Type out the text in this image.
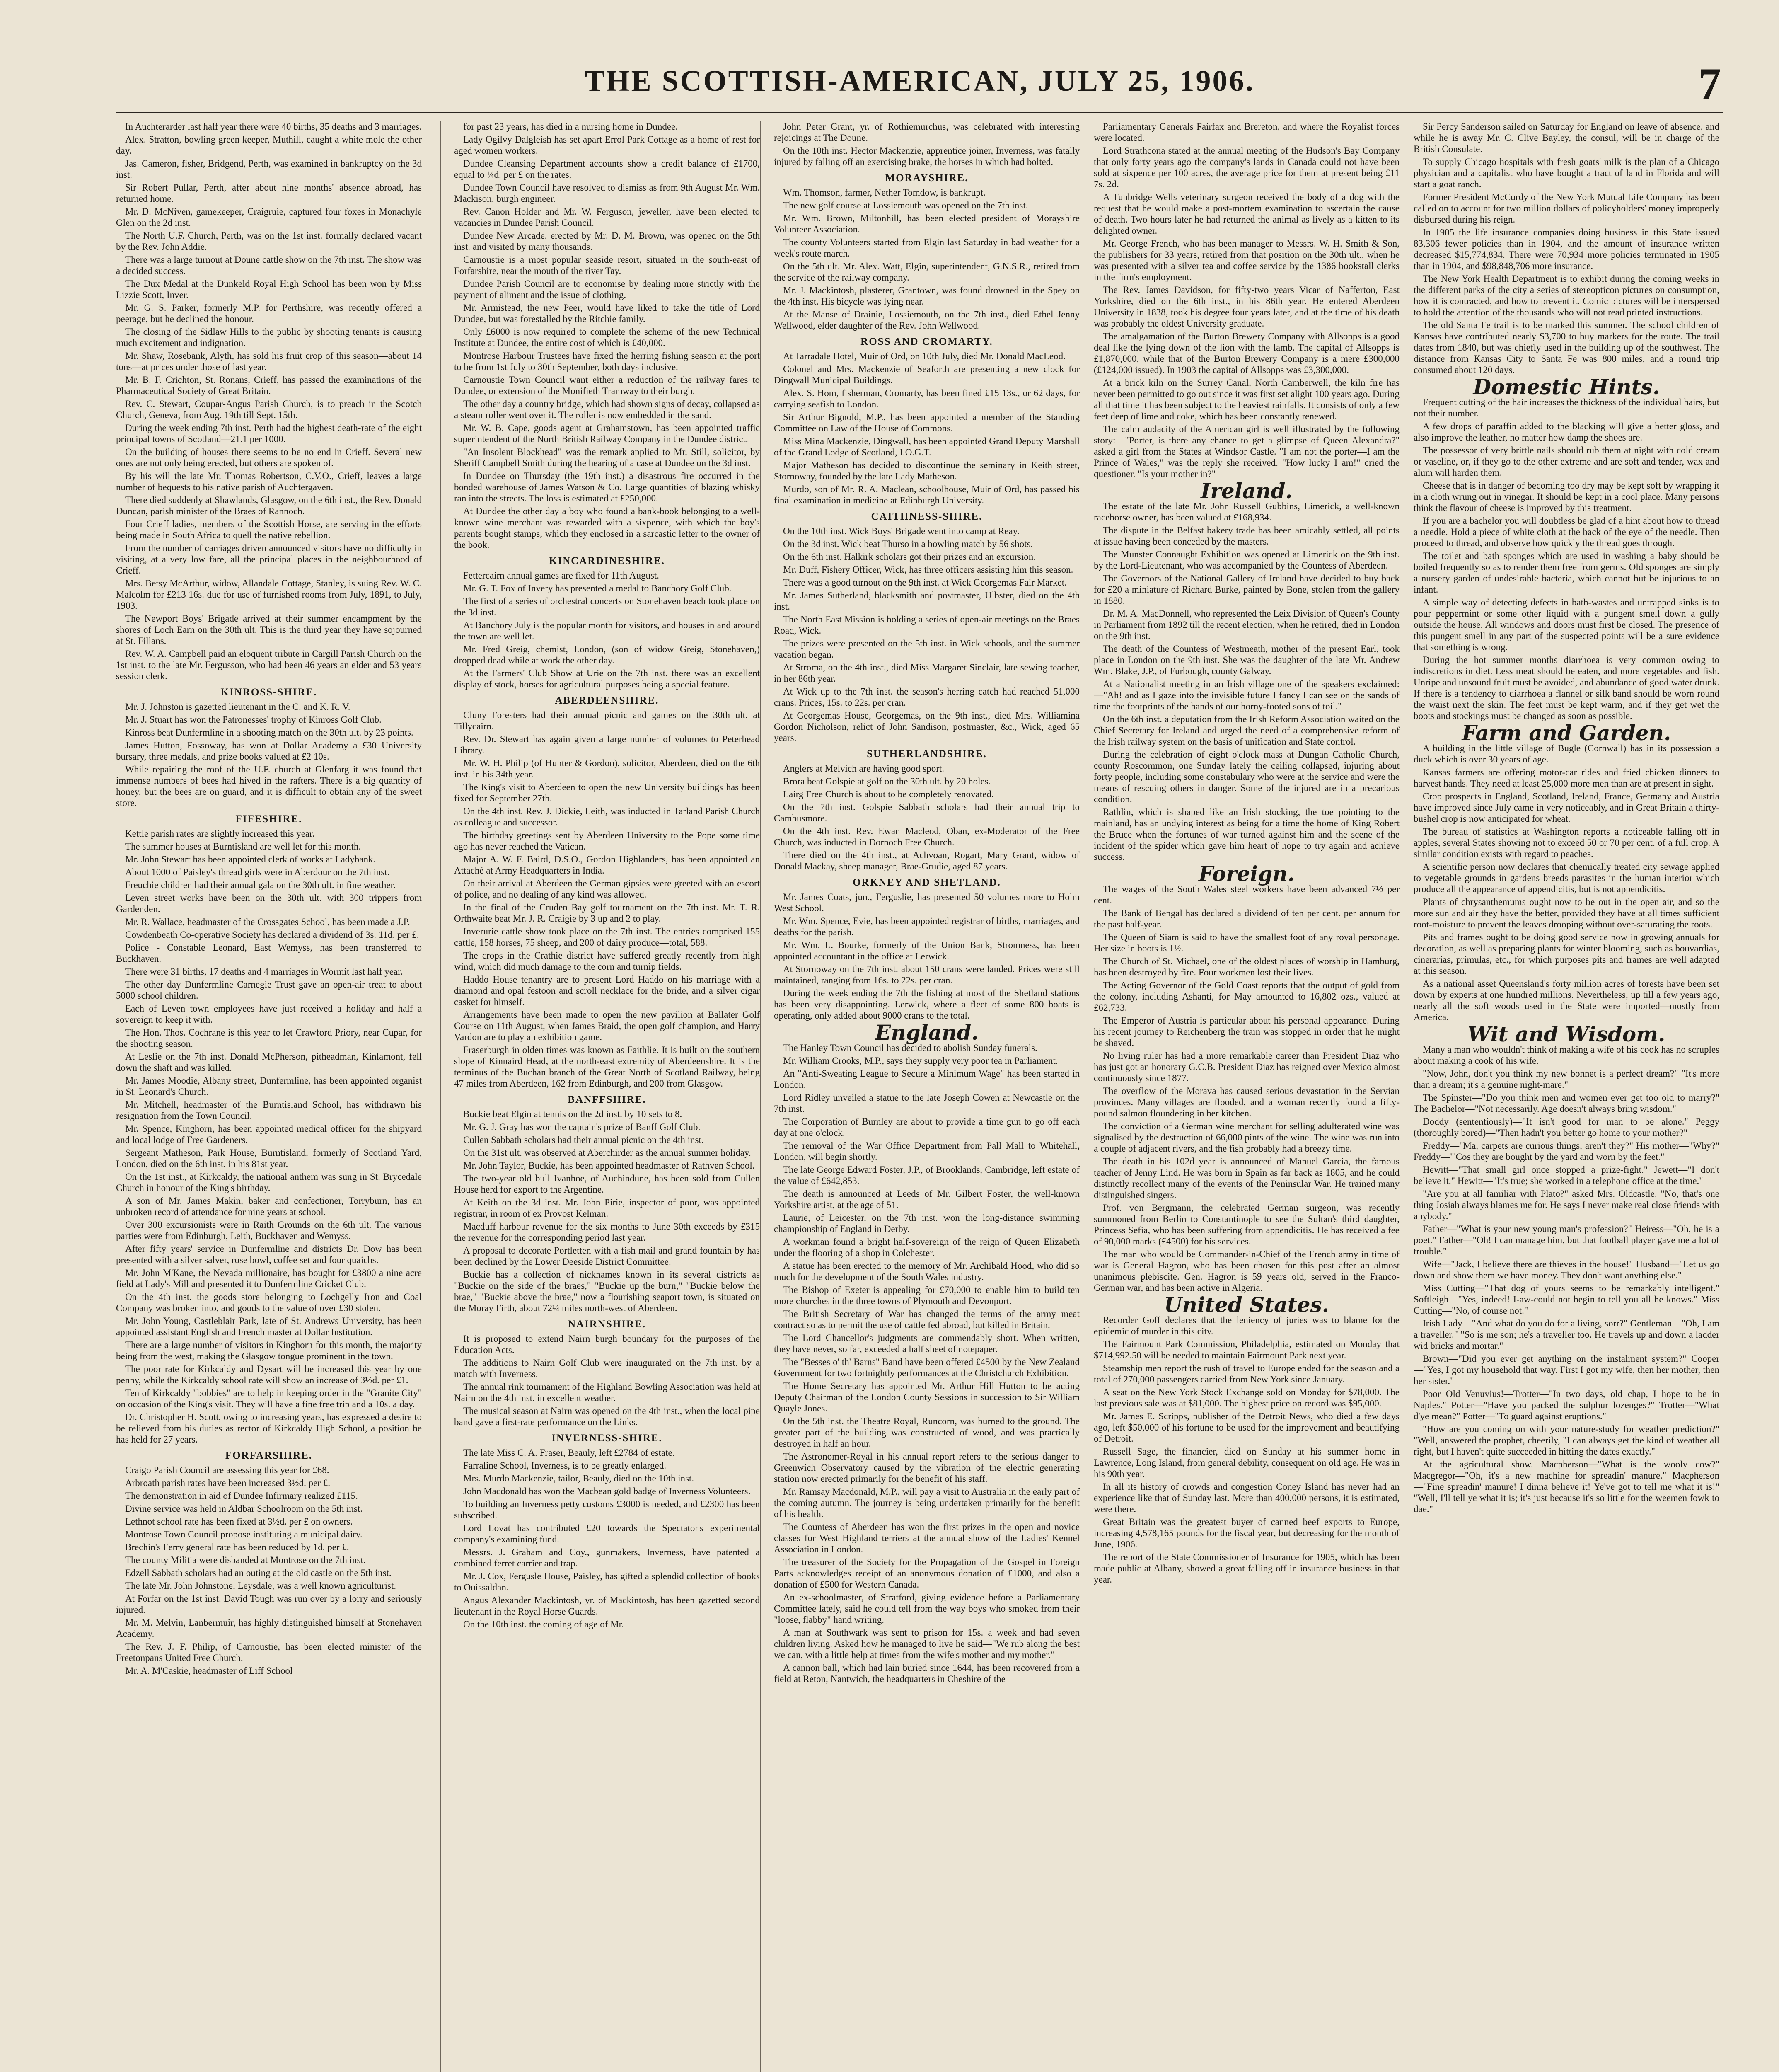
THE SCOTTISH-AMERICAN, JULY 25, 1906.	7

In Auchterarder last half year there were 40 births, 35 deaths and 3 marriages.

Alex. Stratton, bowling green keeper, Muthill, caught a white mole the other day.

Jas. Cameron, fisher, Bridgend, Perth, was examined in bankruptcy on the 3d inst.

Sir Robert Pullar, Perth, after about nine months' absence abroad, has returned home.

Mr. D. McNiven, gamekeeper, Craigruie, captured four foxes in Monachyle Glen on the 2d inst.

The North U.F. Church, Perth, was on the 1st inst. formally declared vacant by the Rev. John Addie.

There was a large turnout at Doune cattle show on the 7th inst. The show was a decided success.

The Dux Medal at the Dunkeld Royal High School has been won by Miss Lizzie Scott, Inver.

Mr. G. S. Parker, formerly M.P. for Perthshire, was recently offered a peerage, but he declined the honour.

The closing of the Sidlaw Hills to the public by shooting tenants is causing much excitement and indignation.

Mr. Shaw, Rosebank, Alyth, has sold his fruit crop of this season—about 14 tons—at prices under those of last year.

Mr. B. F. Crichton, St. Ronans, Crieff, has passed the examinations of the Pharmaceutical Society of Great Britain.

Rev. C. Stewart, Coupar-Angus Parish Church, is to preach in the Scotch Church, Geneva, from Aug. 19th till Sept. 15th.

During the week ending 7th inst. Perth had the highest death-rate of the eight principal towns of Scotland—21.1 per 1000.

On the building of houses there seems to be no end in Crieff. Several new ones are not only being erected, but others are spoken of.

By his will the late Mr. Thomas Robertson, C.V.O., Crieff, leaves a large number of bequests to his native parish of Auchtergaven.

There died suddenly at Shawlands, Glasgow, on the 6th inst., the Rev. Donald Duncan, parish minister of the Braes of Rannoch.

Four Crieff ladies, members of the Scottish Horse, are serving in the efforts being made in South Africa to quell the native rebellion.

From the number of carriages driven announced visitors have no difficulty in visiting, at a very low fare, all the principal places in the neighbourhood of Crieff.

Mrs. Betsy McArthur, widow, Allandale Cottage, Stanley, is suing Rev. W. C. Malcolm for £213 16s. due for use of furnished rooms from July, 1891, to July, 1903.

The Newport Boys' Brigade arrived at their summer encampment by the shores of Loch Earn on the 30th ult. This is the third year they have sojourned at St. Fillans.

Rev. W. A. Campbell paid an eloquent tribute in Cargill Parish Church on the 1st inst. to the late Mr. Fergusson, who had been 46 years an elder and 53 years session clerk.

KINROSS-SHIRE.

Mr. J. Johnston is gazetted lieutenant in the C. and K. R. V.

Mr. J. Stuart has won the Patronesses' trophy of Kinross Golf Club.

Kinross beat Dunfermline in a shooting match on the 30th ult. by 23 points.

James Hutton, Fossoway, has won at Dollar Academy a £30 University bursary, three medals, and prize books valued at £2 10s.

While repairing the roof of the U.F. church at Glenfarg it was found that immense numbers of bees had hived in the rafters. There is a big quantity of honey, but the bees are on guard, and it is difficult to obtain any of the sweet store.

FIFESHIRE.

Kettle parish rates are slightly increased this year.

The summer houses at Burntisland are well let for this month.

Mr. John Stewart has been appointed clerk of works at Ladybank.

About 1000 of Paisley's thread girls were in Aberdour on the 7th inst.

Freuchie children had their annual gala on the 30th ult. in fine weather.

Leven street works have been on the 30th ult. with 300 trippers from Gardenden.

Mr. R. Wallace, headmaster of the Crossgates School, has been made a J.P.

Cowdenbeath Co-operative Society has declared a dividend of 3s. 11d. per £.

Police - Constable Leonard, East Wemyss, has been transferred to Buckhaven.

There were 31 births, 17 deaths and 4 marriages in Wormit last half year.

The other day Dunfermline Carnegie Trust gave an open-air treat to about 5000 school children.

Each of Leven town employees have just received a holiday and half a sovereign to keep it with.

The Hon. Thos. Cochrane is this year to let Crawford Priory, near Cupar, for the shooting season.

At Leslie on the 7th inst. Donald McPherson, pitheadman, Kinlamont, fell down the shaft and was killed.

Mr. James Moodie, Albany street, Dunfermline, has been appointed organist in St. Leonard's Church.

Mr. Mitchell, headmaster of the Burntisland School, has withdrawn his resignation from the Town Council.

Mr. Spence, Kinghorn, has been appointed medical officer for the shipyard and local lodge of Free Gardeners.

Sergeant Matheson, Park House, Burntisland, formerly of Scotland Yard, London, died on the 6th inst. in his 81st year.

On the 1st inst., at Kirkcaldy, the national anthem was sung in St. Brycedale Church in honour of the King's birthday.

A son of Mr. James Makin, baker and confectioner, Torryburn, has an unbroken record of attendance for nine years at school.

Over 300 excursionists were in Raith Grounds on the 6th ult. The various parties were from Edinburgh, Leith, Buckhaven and Wemyss.

After fifty years' service in Dunfermline and districts Dr. Dow has been presented with a silver salver, rose bowl, coffee set and four quaichs.

Mr. John M'Kane, the Nevada millionaire, has bought for £3800 a nine acre field at Lady's Mill and presented it to Dunfermline Cricket Club.

On the 4th inst. the goods store belonging to Lochgelly Iron and Coal Company was broken into, and goods to the value of over £30 stolen.

Mr. John Young, Castleblair Park, late of St. Andrews University, has been appointed assistant English and French master at Dollar Institution.

There are a large number of visitors in Kinghorn for this month, the majority being from the west, making the Glasgow tongue prominent in the town.

The poor rate for Kirkcaldy and Dysart will be increased this year by one penny, while the Kirkcaldy school rate will show an increase of 3½d. per £1.

Ten of Kirkcaldy "bobbies" are to help in keeping order in the "Granite City" on occasion of the King's visit. They will have a fine free trip and a 10s. a day.

Dr. Christopher H. Scott, owing to increasing years, has expressed a desire to be relieved from his duties as rector of Kirkcaldy High School, a position he has held for 27 years.

FORFARSHIRE.

Craigo Parish Council are assessing this year for £68.

Arbroath parish rates have been increased 3½d. per £.

The demonstration in aid of Dundee Infirmary realized £115.

Divine service was held in Aldbar Schoolroom on the 5th inst.

Lethnot school rate has been fixed at 3½d. per £ on owners.

Montrose Town Council propose instituting a municipal dairy.

Brechin's Ferry general rate has been reduced by 1d. per £.

The county Militia were disbanded at Montrose on the 7th inst.

Edzell Sabbath scholars had an outing at the old castle on the 5th inst.

The late Mr. John Johnstone, Leysdale, was a well known agriculturist.

At Forfar on the 1st inst. David Tough was run over by a lorry and seriously injured.

Mr. M. Melvin, Lanbermuir, has highly distinguished himself at Stonehaven Academy.

The Rev. J. F. Philip, of Carnoustie, has been elected minister of the Freetonpans United Free Church.

Mr. A. M'Caskie, headmaster of Liff School

for past 23 years, has died in a nursing home in Dundee.

Lady Ogilvy Dalgleish has set apart Errol Park Cottage as a home of rest for aged women workers.

Dundee Cleansing Department accounts show a credit balance of £1700, equal to ¼d. per £ on the rates.

Dundee Town Council have resolved to dismiss as from 9th August Mr. Wm. Mackison, burgh engineer.

Rev. Canon Holder and Mr. W. Ferguson, jeweller, have been elected to vacancies in Dundee Parish Council.

Dundee New Arcade, erected by Mr. D. M. Brown, was opened on the 5th inst. and visited by many thousands.

Carnoustie is a most popular seaside resort, situated in the south-east of Forfarshire, near the mouth of the river Tay.

Dundee Parish Council are to economise by dealing more strictly with the payment of aliment and the issue of clothing.

Mr. Armistead, the new Peer, would have liked to take the title of Lord Dundee, but was forestalled by the Ritchie family.

Only £6000 is now required to complete the scheme of the new Technical Institute at Dundee, the entire cost of which is £40,000.

Montrose Harbour Trustees have fixed the herring fishing season at the port to be from 1st July to 30th September, both days inclusive.

Carnoustie Town Council want either a reduction of the railway fares to Dundee, or extension of the Monifieth Tramway to their burgh.

The other day a country bridge, which had shown signs of decay, collapsed as a steam roller went over it. The roller is now embedded in the sand.

Mr. W. B. Cape, goods agent at Grahamstown, has been appointed traffic superintendent of the North British Railway Company in the Dundee district.

"An Insolent Blockhead" was the remark applied to Mr. Still, solicitor, by Sheriff Campbell Smith during the hearing of a case at Dundee on the 3d inst.

In Dundee on Thursday (the 19th inst.) a disastrous fire occurred in the bonded warehouse of James Watson & Co. Large quantities of blazing whisky ran into the streets. The loss is estimated at £250,000.

At Dundee the other day a boy who found a bank-book belonging to a well-known wine merchant was rewarded with a sixpence, with which the boy's parents bought stamps, which they enclosed in a sarcastic letter to the owner of the book.

KINCARDINESHIRE.

Fettercairn annual games are fixed for 11th August.

Mr. G. T. Fox of Invery has presented a medal to Banchory Golf Club.

The first of a series of orchestral concerts on Stonehaven beach took place on the 3d inst.

At Banchory July is the popular month for visitors, and houses in and around the town are well let.

Mr. Fred Greig, chemist, London, (son of widow Greig, Stonehaven,) dropped dead while at work the other day.

At the Farmers' Club Show at Urie on the 7th inst. there was an excellent display of stock, horses for agricultural purposes being a special feature.

ABERDEENSHIRE.

Cluny Foresters had their annual picnic and games on the 30th ult. at Tillycairn.

Rev. Dr. Stewart has again given a large number of volumes to Peterhead Library.

Mr. W. H. Philip (of Hunter & Gordon), solicitor, Aberdeen, died on the 6th inst. in his 34th year.

The King's visit to Aberdeen to open the new University buildings has been fixed for September 27th.

On the 4th inst. Rev. J. Dickie, Leith, was inducted in Tarland Parish Church as colleague and successor.

The birthday greetings sent by Aberdeen University to the Pope some time ago has never reached the Vatican.

Major A. W. F. Baird, D.S.O., Gordon Highlanders, has been appointed an Attaché at Army Headquarters in India.

On their arrival at Aberdeen the German gipsies were greeted with an escort of police, and no dealing of any kind was allowed.

In the final of the Cruden Bay golf tournament on the 7th inst. Mr. T. R. Orthwaite beat Mr. J. R. Craigie by 3 up and 2 to play.

Inverurie cattle show took place on the 7th inst. The entries comprised 155 cattle, 158 horses, 75 sheep, and 200 of dairy produce—total, 588.

The crops in the Crathie district have suffered greatly recently from high wind, which did much damage to the corn and turnip fields.

Haddo House tenantry are to present Lord Haddo on his marriage with a diamond and opal festoon and scroll necklace for the bride, and a silver cigar casket for himself.

Arrangements have been made to open the new pavilion at Ballater Golf Course on 11th August, when James Braid, the open golf champion, and Harry Vardon are to play an exhibition game.

Fraserburgh in olden times was known as Faithlie. It is built on the southern slope of Kinnaird Head, at the north-east extremity of Aberdeenshire. It is the terminus of the Buchan branch of the Great North of Scotland Railway, being 47 miles from Aberdeen, 162 from Edinburgh, and 200 from Glasgow.

BANFFSHIRE.

Buckie beat Elgin at tennis on the 2d inst. by 10 sets to 8.

Mr. G. J. Gray has won the captain's prize of Banff Golf Club.

Cullen Sabbath scholars had their annual picnic on the 4th inst.

On the 31st ult. was observed at Aberchirder as the annual summer holiday.

Mr. John Taylor, Buckie, has been appointed headmaster of Rathven School.

The two-year old bull Ivanhoe, of Auchindune, has been sold from Cullen House herd for export to the Argentine.

At Keith on the 3d inst. Mr. John Pirie, inspector of poor, was appointed registrar, in room of ex Provost Kelman.

Macduff harbour revenue for the six months to June 30th exceeds by £315 the revenue for the corresponding period last year.

A proposal to decorate Portletten with a fish mail and grand fountain by has been declined by the Lower Deeside District Committee.

Buckie has a collection of nicknames known in its several districts as "Buckie on the side of the braes," "Buckie up the burn," "Buckie below the brae," "Buckie above the brae," now a flourishing seaport town, is situated on the Moray Firth, about 72¼ miles north-west of Aberdeen.

NAIRNSHIRE.

It is proposed to extend Nairn burgh boundary for the purposes of the Education Acts.

The additions to Nairn Golf Club were inaugurated on the 7th inst. by a match with Inverness.

The annual rink tournament of the Highland Bowling Association was held at Nairn on the 4th inst. in excellent weather.

The musical season at Nairn was opened on the 4th inst., when the local pipe band gave a first-rate performance on the Links.

INVERNESS-SHIRE.

The late Miss C. A. Fraser, Beauly, left £2784 of estate.

Farraline School, Inverness, is to be greatly enlarged.

Mrs. Murdo Mackenzie, tailor, Beauly, died on the 10th inst.

John Macdonald has won the Macbean gold badge of Inverness Volunteers.

To building an Inverness petty customs £3000 is needed, and £2300 has been subscribed.

Lord Lovat has contributed £20 towards the Spectator's experimental company's examining fund.

Messrs. J. Graham and Coy., gunmakers, Inverness, have patented a combined ferret carrier and trap.

Mr. J. Cox, Fergusle House, Paisley, has gifted a splendid collection of books to Ouissaldan.

Angus Alexander Mackintosh, yr. of Mackintosh, has been gazetted second lieutenant in the Royal Horse Guards.

On the 10th inst. the coming of age of Mr.

John Peter Grant, yr. of Rothiemurchus, was celebrated with interesting rejoicings at The Doune.

On the 10th inst. Hector Mackenzie, apprentice joiner, Inverness, was fatally injured by falling off an exercising brake, the horses in which had bolted.

MORAYSHIRE.

Wm. Thomson, farmer, Nether Tomdow, is bankrupt.

The new golf course at Lossiemouth was opened on the 7th inst.

Mr. Wm. Brown, Miltonhill, has been elected president of Morayshire Volunteer Association.

The county Volunteers started from Elgin last Saturday in bad weather for a week's route march.

On the 5th ult. Mr. Alex. Watt, Elgin, superintendent, G.N.S.R., retired from the service of the railway company.

Mr. J. Mackintosh, plasterer, Grantown, was found drowned in the Spey on the 4th inst. His bicycle was lying near.

At the Manse of Drainie, Lossiemouth, on the 7th inst., died Ethel Jenny Wellwood, elder daughter of the Rev. John Wellwood.

ROSS AND CROMARTY.

At Tarradale Hotel, Muir of Ord, on 10th July, died Mr. Donald MacLeod.

Colonel and Mrs. Mackenzie of Seaforth are presenting a new clock for Dingwall Municipal Buildings.

Alex. S. Hom, fisherman, Cromarty, has been fined £15 13s., or 62 days, for carrying seafish to London.

Sir Arthur Bignold, M.P., has been appointed a member of the Standing Committee on Law of the House of Commons.

Miss Mina Mackenzie, Dingwall, has been appointed Grand Deputy Marshall of the Grand Lodge of Scotland, I.O.G.T.

Major Matheson has decided to discontinue the seminary in Keith street, Stornoway, founded by the late Lady Matheson.

Murdo, son of Mr. R. A. Maclean, schoolhouse, Muir of Ord, has passed his final examination in medicine at Edinburgh University.

CAITHNESS-SHIRE.

On the 10th inst. Wick Boys' Brigade went into camp at Reay.

On the 3d inst. Wick beat Thurso in a bowling match by 56 shots.

On the 6th inst. Halkirk scholars got their prizes and an excursion.

Mr. Duff, Fishery Officer, Wick, has three officers assisting him this season.

There was a good turnout on the 9th inst. at Wick Georgemas Fair Market.

Mr. James Sutherland, blacksmith and postmaster, Ulbster, died on the 4th inst.

The North East Mission is holding a series of open-air meetings on the Braes Road, Wick.

The prizes were presented on the 5th inst. in Wick schools, and the summer vacation began.

At Stroma, on the 4th inst., died Miss Margaret Sinclair, late sewing teacher, in her 86th year.

At Wick up to the 7th inst. the season's herring catch had reached 51,000 crans. Prices, 15s. to 22s. per cran.

At Georgemas House, Georgemas, on the 9th inst., died Mrs. Williamina Gordon Nicholson, relict of John Sandison, postmaster, &c., Wick, aged 65 years.

SUTHERLANDSHIRE.

Anglers at Melvich are having good sport.

Brora beat Golspie at golf on the 30th ult. by 20 holes.

Lairg Free Church is about to be completely renovated.

On the 7th inst. Golspie Sabbath scholars had their annual trip to Cambusmore.

On the 4th inst. Rev. Ewan Macleod, Oban, ex-Moderator of the Free Church, was inducted in Dornoch Free Church.

There died on the 4th inst., at Achvoan, Rogart, Mary Grant, widow of Donald Mackay, sheep manager, Brae-Grudie, aged 87 years.

ORKNEY AND SHETLAND.

Mr. James Coats, jun., Ferguslie, has presented 50 volumes more to Holm West School.

Mr. Wm. Spence, Evie, has been appointed registrar of births, marriages, and deaths for the parish.

Mr. Wm. L. Bourke, formerly of the Union Bank, Stromness, has been appointed accountant in the office at Lerwick.

At Stornoway on the 7th inst. about 150 crans were landed. Prices were still maintained, ranging from 16s. to 22s. per cran.

During the week ending the 7th the fishing at most of the Shetland stations has been very disappointing. Lerwick, where a fleet of some 800 boats is operating, only added about 9000 crans to the total.

England.

The Hanley Town Council has decided to abolish Sunday funerals.

Mr. William Crooks, M.P., says they supply very poor tea in Parliament.

An "Anti-Sweating League to Secure a Minimum Wage" has been started in London.

Lord Ridley unveiled a statue to the late Joseph Cowen at Newcastle on the 7th inst.

The Corporation of Burnley are about to provide a time gun to go off each day at one o'clock.

The removal of the War Office Department from Pall Mall to Whitehall, London, will begin shortly.

The late George Edward Foster, J.P., of Brooklands, Cambridge, left estate of the value of £642,853.

The death is announced at Leeds of Mr. Gilbert Foster, the well-known Yorkshire artist, at the age of 51.

Laurie, of Leicester, on the 7th inst. won the long-distance swimming championship of England in Derby.

A workman found a bright half-sovereign of the reign of Queen Elizabeth under the flooring of a shop in Colchester.

A statue has been erected to the memory of Mr. Archibald Hood, who did so much for the development of the South Wales industry.

The Bishop of Exeter is appealing for £70,000 to enable him to build ten more churches in the three towns of Plymouth and Devonport.

The British Secretary of War has changed the terms of the army meat contract so as to permit the use of cattle fed abroad, but killed in Britain.

The Lord Chancellor's judgments are commendably short. When written, they have never, so far, exceeded a half sheet of notepaper.

The "Besses o' th' Barns" Band have been offered £4500 by the New Zealand Government for two fortnightly performances at the Christchurch Exhibition.

The Home Secretary has appointed Mr. Arthur Hill Hutton to be acting Deputy Chairman of the London County Sessions in succession to Sir William Quayle Jones.

On the 5th inst. the Theatre Royal, Runcorn, was burned to the ground. The greater part of the building was constructed of wood, and was practically destroyed in half an hour.

The Astronomer-Royal in his annual report refers to the serious danger to Greenwich Observatory caused by the vibration of the electric generating station now erected primarily for the benefit of his staff.

Mr. Ramsay Macdonald, M.P., will pay a visit to Australia in the early part of the coming autumn. The journey is being undertaken primarily for the benefit of his health.

The Countess of Aberdeen has won the first prizes in the open and novice classes for West Highland terriers at the annual show of the Ladies' Kennel Association in London.

The treasurer of the Society for the Propagation of the Gospel in Foreign Parts acknowledges receipt of an anonymous donation of £1000, and also a donation of £500 for Western Canada.

An ex-schoolmaster, of Stratford, giving evidence before a Parliamentary Committee lately, said he could tell from the way boys who smoked from their "loose, flabby" hand writing.

A man at Southwark was sent to prison for 15s. a week and had seven children living. Asked how he managed to live he said—"We rub along the best we can, with a little help at times from the wife's mother and my mother."

A cannon ball, which had lain buried since 1644, has been recovered from a field at Reton, Nantwich, the headquarters in Cheshire of the

Parliamentary Generals Fairfax and Brereton, and where the Royalist forces were located.

Lord Strathcona stated at the annual meeting of the Hudson's Bay Company that only forty years ago the company's lands in Canada could not have been sold at sixpence per 100 acres, the average price for them at present being £11 7s. 2d.

A Tunbridge Wells veterinary surgeon received the body of a dog with the request that he would make a post-mortem examination to ascertain the cause of death. Two hours later he had returned the animal as lively as a kitten to its delighted owner.

Mr. George French, who has been manager to Messrs. W. H. Smith & Son, the publishers for 33 years, retired from that position on the 30th ult., when he was presented with a silver tea and coffee service by the 1386 bookstall clerks in the firm's employment.

The Rev. James Davidson, for fifty-two years Vicar of Nafferton, East Yorkshire, died on the 6th inst., in his 86th year. He entered Aberdeen University in 1838, took his degree four years later, and at the time of his death was probably the oldest University graduate.

The amalgamation of the Burton Brewery Company with Allsopps is a good deal like the lying down of the lion with the lamb. The capital of Allsopps is £1,870,000, while that of the Burton Brewery Company is a mere £300,000 (£124,000 issued). In 1903 the capital of Allsopps was £3,300,000.

At a brick kiln on the Surrey Canal, North Camberwell, the kiln fire has never been permitted to go out since it was first set alight 100 years ago. During all that time it has been subject to the heaviest rainfalls. It consists of only a few feet deep of lime and coke, which has been constantly renewed.

The calm audacity of the American girl is well illustrated by the following story:—"Porter, is there any chance to get a glimpse of Queen Alexandra?" asked a girl from the States at Windsor Castle. "I am not the porter—I am the Prince of Wales," was the reply she received. "How lucky I am!" cried the questioner. "Is your mother in?"

Ireland.

The estate of the late Mr. John Russell Gubbins, Limerick, a well-known racehorse owner, has been valued at £168,934.

The dispute in the Belfast bakery trade has been amicably settled, all points at issue having been conceded by the masters.

The Munster Connaught Exhibition was opened at Limerick on the 9th inst. by the Lord-Lieutenant, who was accompanied by the Countess of Aberdeen.

The Governors of the National Gallery of Ireland have decided to buy back for £20 a miniature of Richard Burke, painted by Bone, stolen from the gallery in 1880.

Dr. M. A. MacDonnell, who represented the Leix Division of Queen's County in Parliament from 1892 till the recent election, when he retired, died in London on the 9th inst.

The death of the Countess of Westmeath, mother of the present Earl, took place in London on the 9th inst. She was the daughter of the late Mr. Andrew Wm. Blake, J.P., of Furbough, county Galway.

At a Nationalist meeting in an Irish village one of the speakers exclaimed:—"Ah! and as I gaze into the invisible future I fancy I can see on the sands of time the footprints of the hands of our horny-footed sons of toil."

On the 6th inst. a deputation from the Irish Reform Association waited on the Chief Secretary for Ireland and urged the need of a comprehensive reform of the Irish railway system on the basis of unification and State control.

During the celebration of eight o'clock mass at Dungan Catholic Church, county Roscommon, one Sunday lately the ceiling collapsed, injuring about forty people, including some constabulary who were at the service and were the means of rescuing others in danger. Some of the injured are in a precarious condition.

Rathlin, which is shaped like an Irish stocking, the toe pointing to the mainland, has an undying interest as being for a time the home of King Robert the Bruce when the fortunes of war turned against him and the scene of the incident of the spider which gave him heart of hope to try again and achieve success.

Foreign.

The wages of the South Wales steel workers have been advanced 7½ per cent.

The Bank of Bengal has declared a dividend of ten per cent. per annum for the past half-year.

The Queen of Siam is said to have the smallest foot of any royal personage. Her size in boots is 1½.

The Church of St. Michael, one of the oldest places of worship in Hamburg, has been destroyed by fire. Four workmen lost their lives.

The Acting Governor of the Gold Coast reports that the output of gold from the colony, including Ashanti, for May amounted to 16,802 ozs., valued at £62,733.

The Emperor of Austria is particular about his personal appearance. During his recent journey to Reichenberg the train was stopped in order that he might be shaved.

No living ruler has had a more remarkable career than President Diaz who has just got an honorary G.C.B. President Diaz has reigned over Mexico almost continuously since 1877.

The overflow of the Morava has caused serious devastation in the Servian provinces. Many villages are flooded, and a woman recently found a fifty-pound salmon floundering in her kitchen.

The conviction of a German wine merchant for selling adulterated wine was signalised by the destruction of 66,000 pints of the wine. The wine was run into a couple of adjacent rivers, and the fish probably had a breezy time.

The death in his 102d year is announced of Manuel Garcia, the famous teacher of Jenny Lind. He was born in Spain as far back as 1805, and he could distinctly recollect many of the events of the Peninsular War. He trained many distinguished singers.

Prof. von Bergmann, the celebrated German surgeon, was recently summoned from Berlin to Constantinople to see the Sultan's third daughter, Princess Sefia, who has been suffering from appendicitis. He has received a fee of 90,000 marks (£4500) for his services.

The man who would be Commander-in-Chief of the French army in time of war is General Hagron, who has been chosen for this post after an almost unanimous plebiscite. Gen. Hagron is 59 years old, served in the Franco-German war, and has been active in Algeria.

United States.

Recorder Goff declares that the leniency of juries was to blame for the epidemic of murder in this city.

The Fairmount Park Commission, Philadelphia, estimated on Monday that $714,992.50 will be needed to maintain Fairmount Park next year.

Steamship men report the rush of travel to Europe ended for the season and a total of 270,000 passengers carried from New York since January.

A seat on the New York Stock Exchange sold on Monday for $78,000. The last previous sale was at $81,000. The highest price on record was $95,000.

Mr. James E. Scripps, publisher of the Detroit News, who died a few days ago, left $50,000 of his fortune to be used for the improvement and beautifying of Detroit.

Russell Sage, the financier, died on Sunday at his summer home in Lawrence, Long Island, from general debility, consequent on old age. He was in his 90th year.

In all its history of crowds and congestion Coney Island has never had an experience like that of Sunday last. More than 400,000 persons, it is estimated, were there.

Great Britain was the greatest buyer of canned beef exports to Europe, increasing 4,578,165 pounds for the fiscal year, but decreasing for the month of June, 1906.

The report of the State Commissioner of Insurance for 1905, which has been made public at Albany, showed a great falling off in insurance business in that year.

Sir Percy Sanderson sailed on Saturday for England on leave of absence, and while he is away Mr. C. Clive Bayley, the consul, will be in charge of the British Consulate.

To supply Chicago hospitals with fresh goats' milk is the plan of a Chicago physician and a capitalist who have bought a tract of land in Florida and will start a goat ranch.

Former President McCurdy of the New York Mutual Life Company has been called on to account for two million dollars of policyholders' money improperly disbursed during his reign.

In 1905 the life insurance companies doing business in this State issued 83,306 fewer policies than in 1904, and the amount of insurance written decreased $15,774,834. There were 70,934 more policies terminated in 1905 than in 1904, and $98,848,706 more insurance.

The New York Health Department is to exhibit during the coming weeks in the different parks of the city a series of stereopticon pictures on consumption, how it is contracted, and how to prevent it. Comic pictures will be interspersed to hold the attention of the thousands who will not read printed instructions.

The old Santa Fe trail is to be marked this summer. The school children of Kansas have contributed nearly $3,700 to buy markers for the route. The trail dates from 1840, but was chiefly used in the building up of the southwest. The distance from Kansas City to Santa Fe was 800 miles, and a round trip consumed about 120 days.

Domestic Hints.

Frequent cutting of the hair increases the thickness of the individual hairs, but not their number.

A few drops of paraffin added to the blacking will give a better gloss, and also improve the leather, no matter how damp the shoes are.

The possessor of very brittle nails should rub them at night with cold cream or vaseline, or, if they go to the other extreme and are soft and tender, wax and alum will harden them.

Cheese that is in danger of becoming too dry may be kept soft by wrapping it in a cloth wrung out in vinegar. It should be kept in a cool place. Many persons think the flavour of cheese is improved by this treatment.

If you are a bachelor you will doubtless be glad of a hint about how to thread a needle. Hold a piece of white cloth at the back of the eye of the needle. Then proceed to thread, and observe how quickly the thread goes through.

The toilet and bath sponges which are used in washing a baby should be boiled frequently so as to render them free from germs. Old sponges are simply a nursery garden of undesirable bacteria, which cannot but be injurious to an infant.

A simple way of detecting defects in bath-wastes and untrapped sinks is to pour peppermint or some other liquid with a pungent smell down a gully outside the house. All windows and doors must first be closed. The presence of this pungent smell in any part of the suspected points will be a sure evidence that something is wrong.

During the hot summer months diarrhoea is very common owing to indiscretions in diet. Less meat should be eaten, and more vegetables and fish. Unripe and unsound fruit must be avoided, and abundance of good water drunk. If there is a tendency to diarrhoea a flannel or silk band should be worn round the waist next the skin. The feet must be kept warm, and if they get wet the boots and stockings must be changed as soon as possible.

Farm and Garden.

A building in the little village of Bugle (Cornwall) has in its possession a duck which is over 30 years of age.

Kansas farmers are offering motor-car rides and fried chicken dinners to harvest hands. They need at least 25,000 more men than are at present in sight.

Crop prospects in England, Scotland, Ireland, France, Germany and Austria have improved since July came in very noticeably, and in Great Britain a thirty-bushel crop is now anticipated for wheat.

The bureau of statistics at Washington reports a noticeable falling off in apples, several States showing not to exceed 50 or 70 per cent. of a full crop. A similar condition exists with regard to peaches.

A scientific person now declares that chemically treated city sewage applied to vegetable grounds in gardens breeds parasites in the human interior which produce all the appearance of appendicitis, but is not appendicitis.

Plants of chrysanthemums ought now to be out in the open air, and so the more sun and air they have the better, provided they have at all times sufficient root-moisture to prevent the leaves drooping without over-saturating the roots.

Pits and frames ought to be doing good service now in growing annuals for decoration, as well as preparing plants for winter blooming, such as bouvardias, cinerarias, primulas, etc., for which purposes pits and frames are well adapted at this season.

As a national asset Queensland's forty million acres of forests have been set down by experts at one hundred millions. Nevertheless, up till a few years ago, nearly all the soft woods used in the State were imported—mostly from America.

Wit and Wisdom.

Many a man who wouldn't think of making a wife of his cook has no scruples about making a cook of his wife.

"Now, John, don't you think my new bonnet is a perfect dream?" "It's more than a dream; it's a genuine night-mare."

The Spinster—"Do you think men and women ever get too old to marry?" The Bachelor—"Not necessarily. Age doesn't always bring wisdom."

Doddy (sententiously)—"It isn't good for man to be alone." Peggy (thoroughly bored)—"Then hadn't you better go home to your mother?"

Freddy—"Ma, carpets are curious things, aren't they?" His mother—"Why?" Freddy—"'Cos they are bought by the yard and worn by the feet."

Hewitt—"That small girl once stopped a prize-fight." Jewett—"I don't believe it." Hewitt—"It's true; she worked in a telephone office at the time."

"Are you at all familiar with Plato?" asked Mrs. Oldcastle. "No, that's one thing Josiah always blames me for. He says I never make real close friends with anybody."

Father—"What is your new young man's profession?" Heiress—"Oh, he is a poet." Father—"Oh! I can manage him, but that football player gave me a lot of trouble."

Wife—"Jack, I believe there are thieves in the house!" Husband—"Let us go down and show them we have money. They don't want anything else."

Miss Cutting—"That dog of yours seems to be remarkably intelligent." Softleigh—"Yes, indeed! I-aw-could not begin to tell you all he knows." Miss Cutting—"No, of course not."

Irish Lady—"And what do you do for a living, sorr?" Gentleman—"Oh, I am a traveller." "So is me son; he's a traveller too. He travels up and down a ladder wid bricks and mortar."

Brown—"Did you ever get anything on the instalment system?" Cooper—"Yes, I got my household that way. First I got my wife, then her mother, then her sister."

Poor Old Venuvius!—Trotter—"In two days, old chap, I hope to be in Naples." Potter—"Have you packed the sulphur lozenges?" Trotter—"What d'ye mean?" Potter—"To guard against eruptions."

"How are you coming on with your nature-study for weather prediction?" "Well, answered the prophet, cheerily, "I can always get the kind of weather all right, but I haven't quite succeeded in hitting the dates exactly."

At the agricultural show. Macpherson—"What is the wooly cow?" Macgregor—"Oh, it's a new machine for spreadin' manure." Macpherson—"Fine spreadin' manure! I dinna believe it! Ye've got to tell me what it is!" "Well, I'll tell ye what it is; it's just because it's so little for the weemen fowk to dae."
